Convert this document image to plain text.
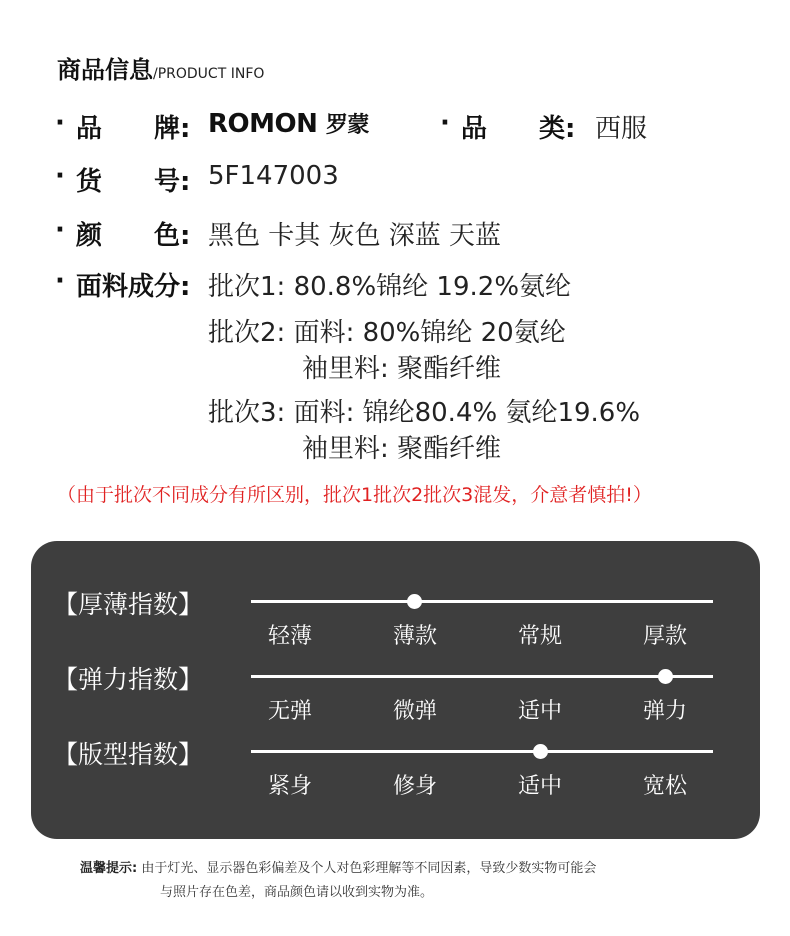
商品信息/PRODUCT INFO
· 品　　牌: ROMON 罗蒙	· 品　　类: 西服
· 货　　号: 5F147003
· 颜　　色: 黑色 卡其 灰色 深蓝 天蓝
· 面料成分: 批次1: 80.8%锦纶 19.2%氨纶
批次2: 面料: 80%锦纶 20氨纶
袖里料: 聚酯纤维
批次3: 面料: 锦纶80.4% 氨纶19.6%
袖里料: 聚酯纤维
（由于批次不同成分有所区别，批次1批次2批次3混发，介意者慎拍!）
【厚薄指数】
轻薄	薄款	常规	厚款
【弹力指数】
无弹	微弹	适中	弹力
【版型指数】
紧身	修身	适中	宽松
温馨提示: 由于灯光、显示器色彩偏差及个人对色彩理解等不同因素，导致少数实物可能会
与照片存在色差，商品颜色请以收到实物为准。
